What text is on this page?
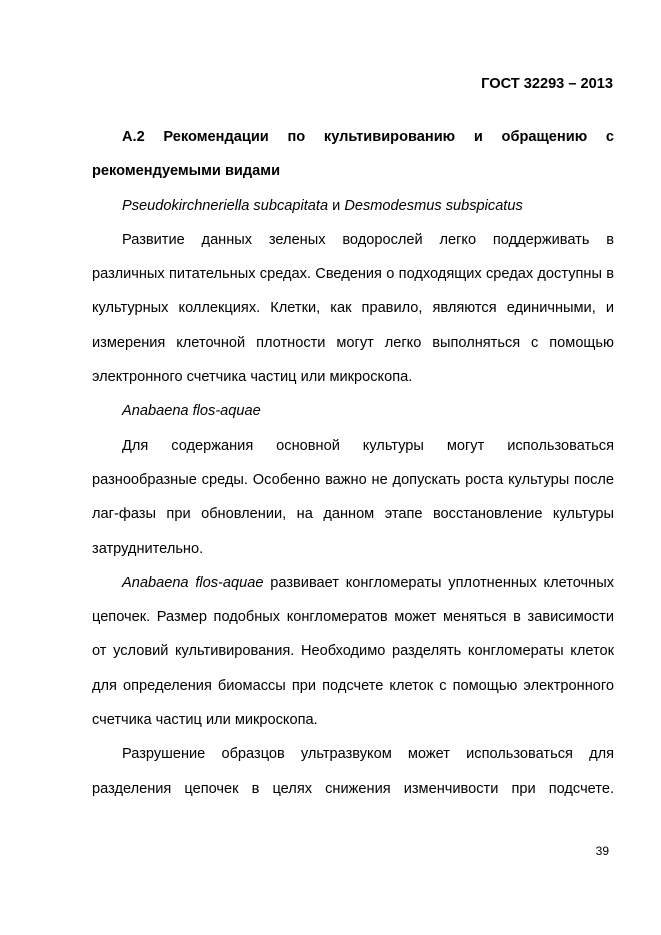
ГОСТ 32293 – 2013

А.2 Рекомендации по культивированию и обращению с рекомендуемыми видами

Pseudokirchneriella subcapitata и Desmodesmus subspicatus

Развитие данных зеленых водорослей легко поддерживать в различных питательных средах. Сведения о подходящих средах доступны в культурных коллекциях. Клетки, как правило, являются единичными, и измерения клеточной плотности могут легко выполняться с помощью электронного счетчика частиц или микроскопа.

Anabaena flos-aquae

Для содержания основной культуры могут использоваться разнообразные среды. Особенно важно не допускать роста культуры после лаг-фазы при обновлении, на данном этапе восстановление культуры затруднительно.

Anabaena flos-aquae развивает конгломераты уплотненных клеточных цепочек. Размер подобных конгломератов может меняться в зависимости от условий культивирования. Необходимо разделять конгломераты клеток для определения биомассы при подсчете клеток с помощью электронного счетчика частиц или микроскопа.

Разрушение образцов ультразвуком может использоваться для разделения цепочек в целях снижения изменчивости при подсчете.

39
